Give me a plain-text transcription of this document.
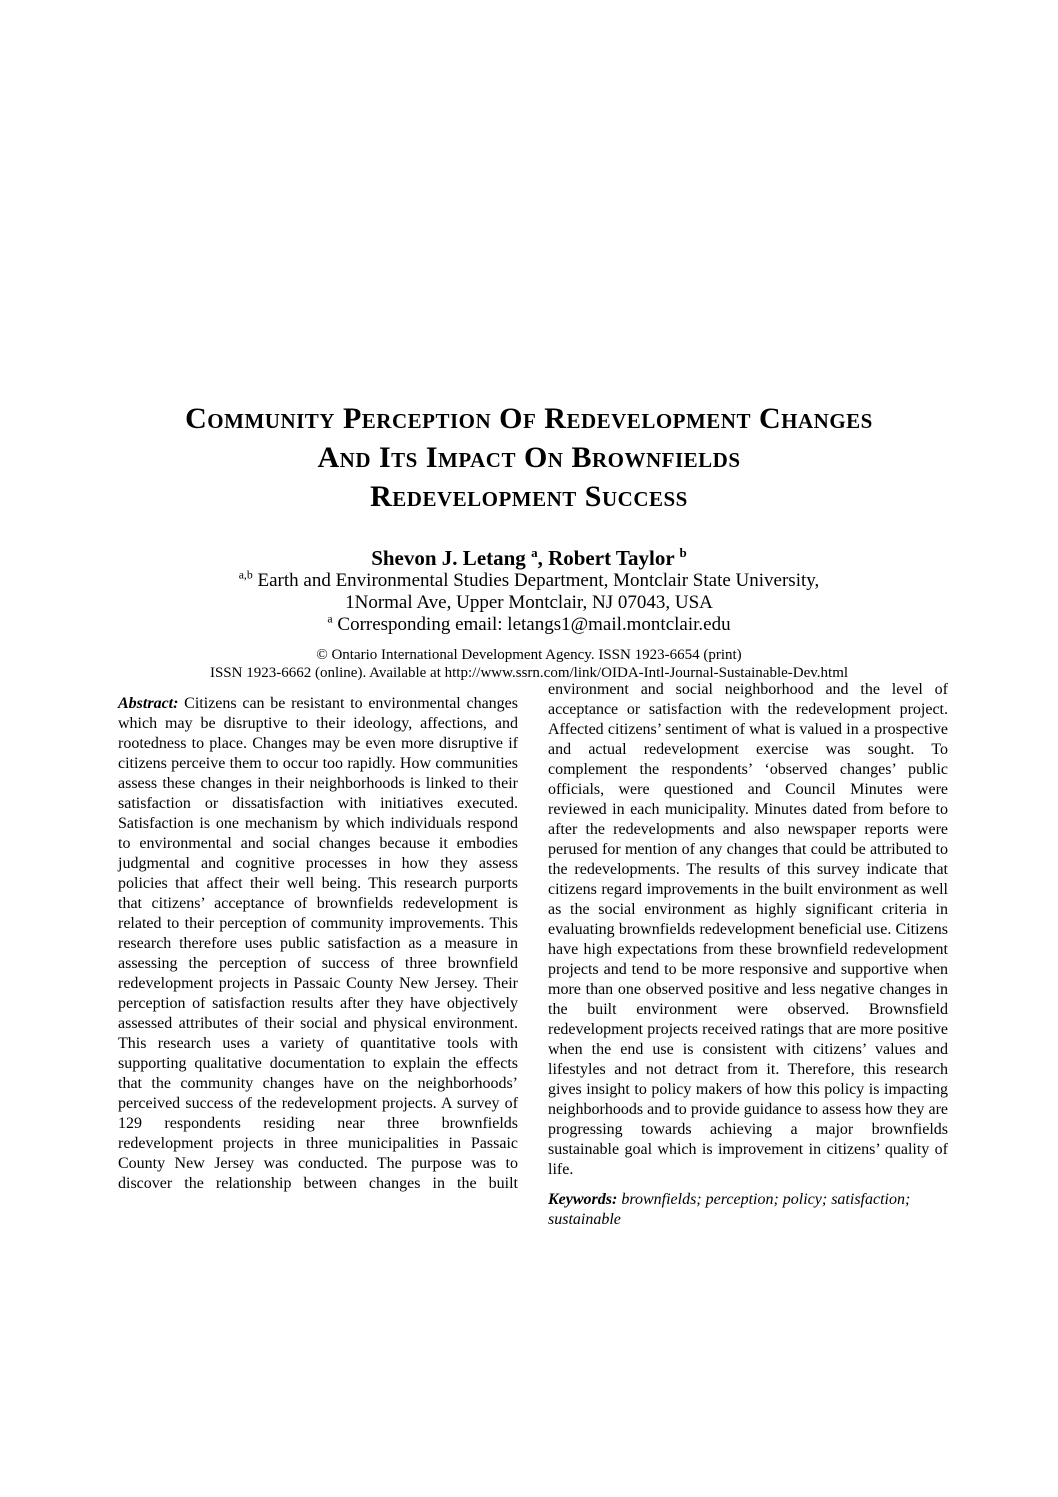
Community Perception Of Redevelopment Changes
And Its Impact On Brownfields
Redevelopment Success
Shevon J. Letang $^a$, Robert Taylor $^b$
$^{a,b}$ Earth and Environmental Studies Department, Montclair State University,
1Normal Ave, Upper Montclair, NJ 07043, USA
$^a$ Corresponding email: letangs1@mail.montclair.edu
© Ontario International Development Agency. ISSN 1923-6654 (print)
ISSN 1923-6662 (online). Available at http://www.ssrn.com/link/OIDA-Intl-Journal-Sustainable-Dev.html

Abstract: Citizens can be resistant to environmental changes which may be disruptive to their ideology, affections, and rootedness to place. Changes may be even more disruptive if citizens perceive them to occur too rapidly. How communities assess these changes in their neighborhoods is linked to their satisfaction or dissatisfaction with initiatives executed. Satisfaction is one mechanism by which individuals respond to environmental and social changes because it embodies judgmental and cognitive processes in how they assess policies that affect their well being. This research purports that citizens’ acceptance of brownfields redevelopment is related to their perception of community improvements. This research therefore uses public satisfaction as a measure in assessing the perception of success of three brownfield redevelopment projects in Passaic County New Jersey. Their perception of satisfaction results after they have objectively assessed attributes of their social and physical environment. This research uses a variety of quantitative tools with supporting qualitative documentation to explain the effects that the community changes have on the neighborhoods’ perceived success of the redevelopment projects. A survey of 129 respondents residing near three brownfields redevelopment projects in three municipalities in Passaic County New Jersey was conducted. The purpose was to discover the relationship between changes in the built

environment and social neighborhood and the level of acceptance or satisfaction with the redevelopment project. Affected citizens’ sentiment of what is valued in a prospective and actual redevelopment exercise was sought. To complement the respondents’ ‘observed changes’ public officials, were questioned and Council Minutes were reviewed in each municipality. Minutes dated from before to after the redevelopments and also newspaper reports were perused for mention of any changes that could be attributed to the redevelopments. The results of this survey indicate that citizens regard improvements in the built environment as well as the social environment as highly significant criteria in evaluating brownfields redevelopment beneficial use. Citizens have high expectations from these brownfield redevelopment projects and tend to be more responsive and supportive when more than one observed positive and less negative changes in the built environment were observed. Brownsfield redevelopment projects received ratings that are more positive when the end use is consistent with citizens’ values and lifestyles and not detract from it. Therefore, this research gives insight to policy makers of how this policy is impacting neighborhoods and to provide guidance to assess how they are progressing towards achieving a major brownfields sustainable goal which is improvement in citizens’ quality of life.

Keywords: brownfields; perception; policy; satisfaction; sustainable
